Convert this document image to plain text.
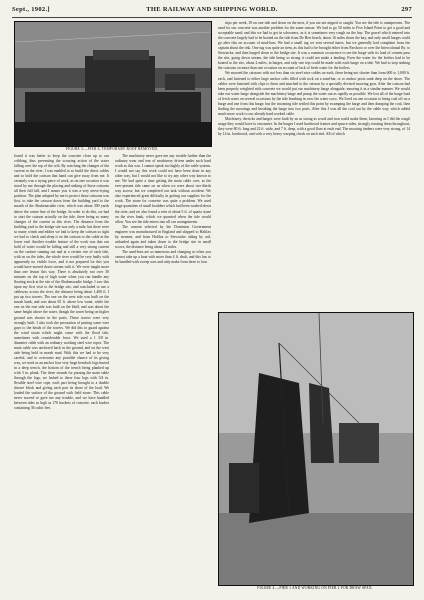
Sept., 1902.]	THE RAILWAY AND SHIPPING WORLD.	297
FIGURE 3.—PIER 6, TEMPORARY ROOF REMOVED.

trips per week, 39 on one tide and down on the next, if you are not nipped or caught. You see the tide is omnipresent. The sand for our concrete was another problem for the same reason. We had to go 50 miles to Five Island Point to get a good and acceptable sand; and this we had to get in schooners, as it is sometimes very rough on the bay. The gravel which entered into the concrete largely had to be boated on the tide from De Bert beach, about 16 miles down the bay, and only small barges could go after this on account of mud-bars. We had a small tug we sent several times, but we generally had complaint from the captain about the risk. One tug was quite an item, as this had to be brought either from Parsboro or over the Intercolonial Ry. to Stewiacke, and then barged down to the bridge site. It was a common occurrence to see the barge with its load of cement pass the site, going down stream, the tide being so strong it could not make a landing. Even the water for the boilers had to be boated to the site, about 2 miles, in barges, and only one trip could be made with each barge on a tide. We had to stop sinking the caissons on more than one occasion on account of lack of fresh water for the boilers.

We moored the caissons with not less than six steel wire cables on each, these being not shorter than from 600 to 1,000 ft. each, and fastened to either large anchor cribs filled with rock on a sand-bar, or to anchor posts sunk deep on the shore. The cables were fastened with clips to these and attached to the caisson by a specially devised mooring gear. After the caisson had been properly weighted with concrete we would put our machinery barge alongside, mooring it in a similar manner. We would take our water barge alongside the machinery barge and pump the water out as rapidly as possible. We lost all of the barge load of fresh water on several occasions by the tide breaking in over the water scow. We lived on one occasion to bring coal off on a barge and one from this barge, but the incoming tide settled this point by swamping the barge and then dumping the coal, then finding the moorings and breaking the barge into two parts. After this I was all the coal out by the cable way, which added much more work to our already hard worked cable.

Machinery, derricks and barges were built by us as strong as wood and iron could make them, knowing as I did the rough usage they would have to encounter. In the barges I used hardwood frames and spruce sides, strongly trussing them throughout; they were 80 ft. long and 22 ft. wide, and 7 ft. deep, with a good flare at each end. The mooring timbers were very strong, of 14 by 14 in. hardwood, and with a very heavy warping chock on each end. All of which

found it was better to keep the concrete close up to our cribbing, thus preventing the scouring action of the water falling over the top of the crib. By watching the changes of the current in the river, I was enabled to so build the direct cables and so hold the caisson that hand can give away from me. It certainly was a trying piece of work, as on one occasion it was stood by me through the placing and sinking of those caissons all their full fall, and I assure you it was a very nerve-trying position. The plan adopted by me to protect those caissons was first, to take the caisson down from the building yard to the mouth of the Shubenacadie river, which was about 300 yards above the centre line of the bridge. In order to do this, we had to start the caisson actually on the tide, there being so many changes of the current in this river. The distance from the building yard to the bridge site was only a mile, but there were so many winds and eddies we had to keep the caisson so tight we had to check and sleep it on the caisson to the cable at the lower end. Another trouble feature of the work was that our hold of water would be falling and still a very strong current on the surface running out and at a certain rise of each tide, with us on the tides, the whole river would be very badly with apparently no visible force, and it not prepared for this you would have moved down stream with it. We were taught more than one lesson this way. There is absolutely not over 30 minutes on the top of high water when you can handle any floating stock at the site of the Shubenacadie bridge. I saw this upon my first visit to the bridge site, and concluded to use a cableway across the river, the distance being about 1,400 ft. I put up two towers. The one on the west side was built on the marsh bank, and was about 65 ft. above low water, while the one on the east side was built on the bluff, and was about the same height above the water, though the tower being on higher ground was shorter in the posts. These towers were very strongly built. I also took the precaution of putting some wire guys to the heads of the towers. We did this to guard against the wind strain which might come with the flood tide, sometimes with considerable force. We used a 1 3/8 in. diameter cable with an ordinary working steel wire ropes. The main cable was anchored back in the ground, and on the west side being held in marsh mud. With this we had to be very careful, and to overcome any possible chance of its giving way, we used as an anchor four very large hemlock logs buried in a deep trench, the bottom of the trench being planked up with 3 in. plank. The three strands for passing the main cable through the logs, we lashed to these four logs with 3/4 in. flexible steel wire rope, each part being brought to a double sheave block and giving each part its share of the load. We loaded the surface of the ground with field stone. This cable never moved or gave me any trouble, and we have handled between tides as high as 176 buckets of concrete, each bucket containing 36 cubic feet.

The machinery never gave me any trouble further than the ordinary wear and tear of machinery driven under such hard work as this was. I cannot speak too highly of the cable system. I would not say this work could not have been done in any other way, but I would not like to try any other way known to me. We had quite a time getting the main cable over, as the ever-present tide came on us when we were about two-thirds way across; but we completed our task without accident. We also experienced great difficulty in getting our supplies for the work. The stone for concrete was quite a problem. We used large quantities of small boulders which had been washed down the river, and we also found a vein of about 5 ft. of quartz stone on the river bank, which we quarried when the tide would allow. You see the tide enters into all our arrangements.

The cement selected by the Dominion Government engineer was manufactured in England and shipped to Halifax by steamer, and from Halifax to Stewiacke siding by rail, unloaded again and taken down to the bridge site in small scows, the distance being about 12 miles.

The sand-bars are so numerous and changing so often you cannot take up a boat with more than 4 ft. draft, and this has to be handled with sweep oars and only make from three to four

FIGURE 4.—PIER 1 AND WORKING ON PIER 2 FOR DRAW SPAN.
